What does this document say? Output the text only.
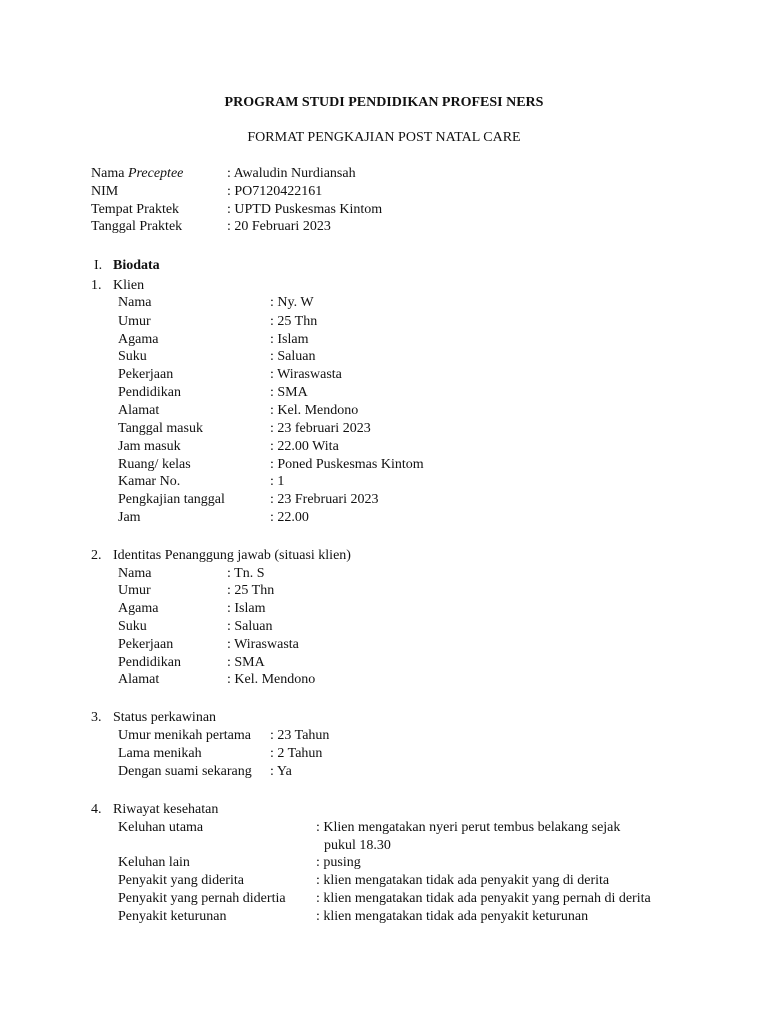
PROGRAM STUDI PENDIDIKAN PROFESI NERS
FORMAT PENGKAJIAN POST NATAL CARE
Nama Preceptee	: Awaludin Nurdiansah
NIM	: PO7120422161
Tempat Praktek	: UPTD Puskesmas Kintom
Tanggal Praktek	: 20 Februari 2023
I. Biodata
1. Klien
Nama	: Ny. W
Umur	: 25 Thn
Agama	: Islam
Suku	: Saluan
Pekerjaan	: Wiraswasta
Pendidikan	: SMA
Alamat	: Kel. Mendono
Tanggal masuk	: 23 februari 2023
Jam masuk	: 22.00 Wita
Ruang/ kelas	: Poned Puskesmas Kintom
Kamar No.	: 1
Pengkajian tanggal	: 23 Frebruari 2023
Jam	: 22.00
2. Identitas Penanggung jawab (situasi klien)
Nama	: Tn. S
Umur	: 25 Thn
Agama	: Islam
Suku	: Saluan
Pekerjaan	: Wiraswasta
Pendidikan	: SMA
Alamat	: Kel. Mendono
3. Status perkawinan
Umur menikah pertama : 23 Tahun
Lama menikah	: 2 Tahun
Dengan suami sekarang : Ya
4. Riwayat kesehatan
Keluhan utama	: Klien mengatakan nyeri perut tembus belakang sejak
pukul 18.30
Keluhan lain	: pusing
Penyakit yang diderita	: klien mengatakan tidak ada penyakit yang di derita
Penyakit yang pernah didertia : klien mengatakan tidak ada penyakit yang pernah di derita
Penyakit keturunan	: klien mengatakan tidak ada penyakit keturunan
